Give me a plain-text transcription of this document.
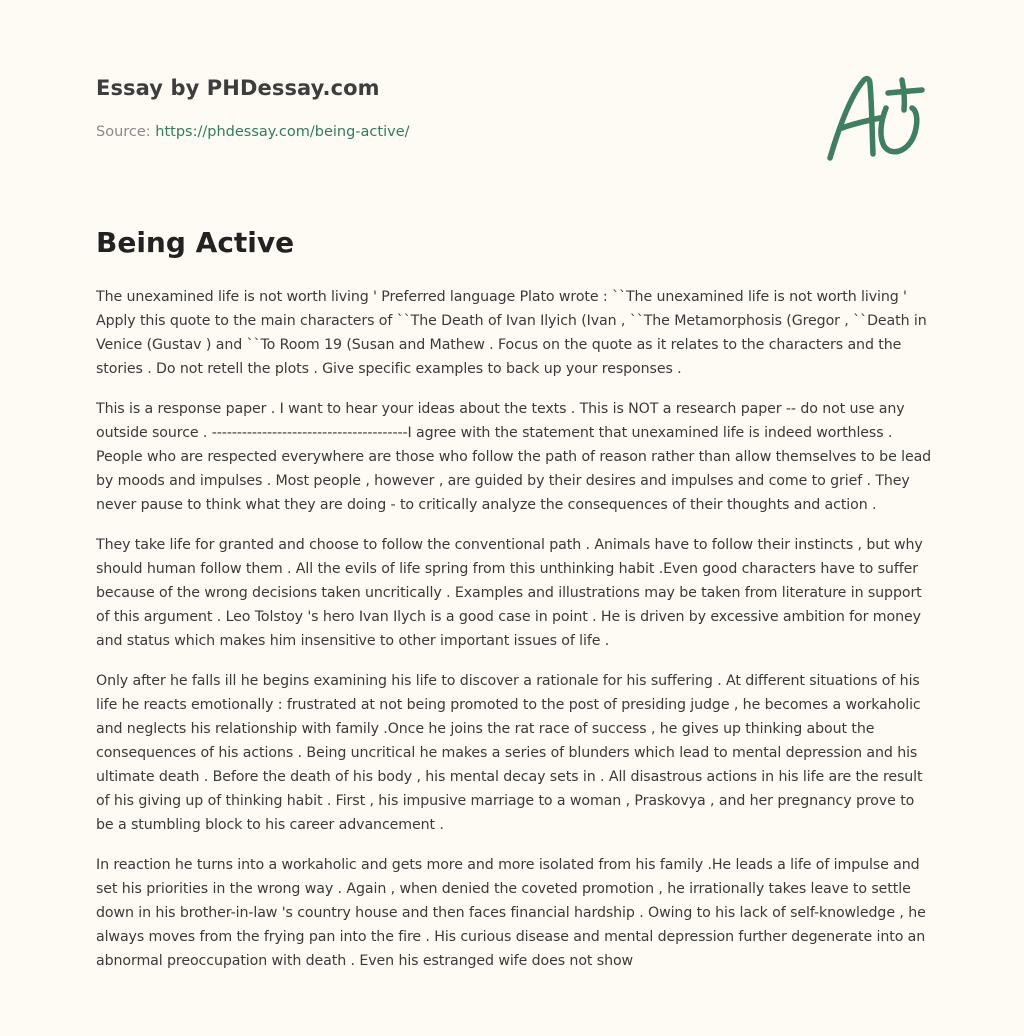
Essay by PHDessay.com
Source: https://phdessay.com/being-active/
Being Active

The unexamined life is not worth living ' Preferred language Plato wrote : ``The unexamined life is not worth living ' Apply this quote to the main characters of ``The Death of Ivan Ilyich (Ivan , ``The Metamorphosis (Gregor , ``Death in Venice (Gustav ) and ``To Room 19 (Susan and Mathew . Focus on the quote as it relates to the characters and the stories . Do not retell the plots . Give specific examples to back up your responses .

This is a response paper . I want to hear your ideas about the texts . This is NOT a research paper -- do not use any outside source . ---------------------------------------I agree with the statement that unexamined life is indeed worthless . People who are respected everywhere are those who follow the path of reason rather than allow themselves to be lead by moods and impulses . Most people , however , are guided by their desires and impulses and come to grief . They never pause to think what they are doing - to critically analyze the consequences of their thoughts and action .

They take life for granted and choose to follow the conventional path . Animals have to follow their instincts , but why should human follow them . All the evils of life spring from this unthinking habit .Even good characters have to suffer because of the wrong decisions taken uncritically . Examples and illustrations may be taken from literature in support of this argument . Leo Tolstoy 's hero Ivan Ilych is a good case in point . He is driven by excessive ambition for money and status which makes him insensitive to other important issues of life .

Only after he falls ill he begins examining his life to discover a rationale for his suffering . At different situations of his life he reacts emotionally : frustrated at not being promoted to the post of presiding judge , he becomes a workaholic and neglects his relationship with family .Once he joins the rat race of success , he gives up thinking about the consequences of his actions . Being uncritical he makes a series of blunders which lead to mental depression and his ultimate death . Before the death of his body , his mental decay sets in . All disastrous actions in his life are the result of his giving up of thinking habit . First , his impusive marriage to a woman , Praskovya , and her pregnancy prove to be a stumbling block to his career advancement .

In reaction he turns into a workaholic and gets more and more isolated from his family .He leads a life of impulse and set his priorities in the wrong way . Again , when denied the coveted promotion , he irrationally takes leave to settle down in his brother-in-law 's country house and then faces financial hardship . Owing to his lack of self-knowledge , he always moves from the frying pan into the fire . His curious disease and mental depression further degenerate into an abnormal preoccupation with death . Even his estranged wife does not show
